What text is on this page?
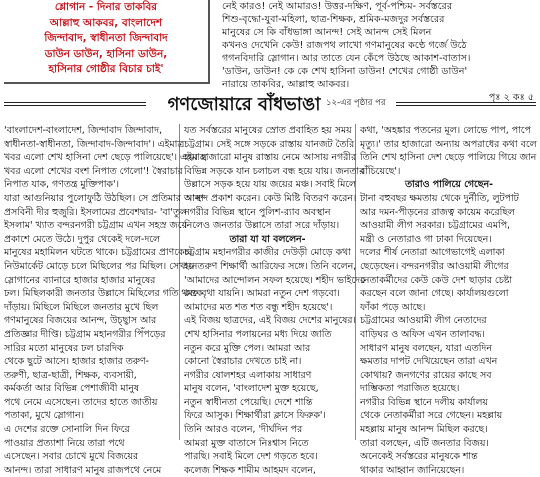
শ্লোগান - দিনার তাকবির
আল্লাহু আকবর, বাংলাদেশ
জিন্দাবাদ, স্বাধীনতা জিন্দাবাদ
ডাউন ডাউন, হাসিনা ডাউন,
হাসিনার গোষ্ঠীর বিচার চাই'
নেই কারও! নেই আমারও! উত্তর-দক্ষিণ, পূর্ব-পশ্চিম- সর্বস্তরের
শিশু-বৃদ্ধো-যুবা-মহিলা, ছাত্র-শিক্ষক, শ্রমিক-মজদুর সর্বস্তরের
মানুষের সে কি বাঁধভাঙ্গা আনন্দ! সেই আনন্দ সেই মিলন
কখনও দেখেনি কেউ! রাজপথ লাখো গণমানুষের কণ্ঠে গর্জে উঠে
গগনবিদারি স্লোগান। আর তাতে যেন কেঁপে উঠছে আকাশ-বাতাস।
'ডাউন, ডাউন! কে কে শেখ হাসিনা ডাউন! শেখের গোষ্ঠী ডাউন'
নারায়ে তাকবির, আল্লাহু আকবর।
পৃঃ ২ কঃ ৫
গণজোয়ারে বাঁধভাঙা ১২-এর পৃষ্ঠার পর
'বাংলাদেশ-বাংলাদেশ, জিন্দাবাদ জিন্দাবাদ,
স্বাধীনতা-স্বাধীনতা, জিন্দাবাদ-জিন্দাবাদ'। এইমাত্র
খবর এলো শেখ হাসিনা দেশ ছেড়ে পালিয়েছে'। এইমাত্র
খবর এলো শেখের বংশ নিপাত গেলো'! স্বৈরাচার
নিপাত যাক, গণতন্ত্র মুক্তিপাক'।
যারা আগুনিয়ার পুলোফুঠি উঠছিল। সে প্রতিমার আস্থা
প্রসবিনী দীর হুজুরি। ইসলামের প্রবেশদ্বার- 'বা'তুল
ইসলাম' খ্যাত বন্দরনগরী চট্টগ্রাম এখন সহস্র জয়ে
প্রকাশে মেতে উঠে। দুপুর থেকেই দলে-দলে
মানুষের মহামিলন ঘটতে থাকে। চট্টগ্রামের প্রাণকেন্দ্র
নিউমার্কেট মোড়ে চলে মিছিলের পর মিছিল। সেখানে
স্লোগানের ব্যানারে হাজার হাজার মানুষের
ঢল। মিছিলকারী জনতার উল্লাসে মিছিলের গতি থমকে
দাঁড়ায়। মিছিলে মিছিলে জনতার মুখে ছিল
গণমানুষের বিজয়ের আনন্দ, উচ্ছ্বাস আর
প্রতিজ্ঞার দীপ্তি। চট্টগ্রাম মহানগরীর পিঁপড়ের
সারির মতো মানুষের ঢল চারদিক
থেকে ছুটে আসে। হাজার হাজার তরুণ-
তরুণী, ছাত্র-ছাত্রী, শিক্ষক, ব্যবসায়ী,
কর্মকর্তা আর বিভিন্ন পেশাজীবী মানুষ
পথে নেমে এসেছেন। তাদের হাতে জাতীয়
পতাকা, মুখে স্লোগান।
এ দেশের রক্তে সোনালি দিন ফিরে
পাওয়ার প্রত্যাশা নিয়ে তারা পথে
এসেছেন। সবার চোখে মুখে বিজয়ের
আনন্দ। তারা সাধারণ মানুষ রাজপথে নেমে
যত সর্বস্তরের মানুষের স্রোত প্রবাহিত হয় সময়
চট্টগ্রাম। সেই সঙ্গে সড়কে রাস্তায় যানজট তৈরি
হয়। হাজারো মানুষ রাস্তায় নেমে আসায় নগরীর
বিভিন্ন সড়কে যান চলাচল বন্ধ হয়ে যায়। জনতার
উল্লাসে সড়ক হয়ে যায় জয়ের মঞ্চ। সবাই মিলে
আনন্দ প্রকাশ করেন। কেউ মিষ্টি বিতরণ করেন।
নগরীর বিভিন্ন স্থানে পুলিশ-র‍্যাব অবস্থান
নিলেও জনতার উল্লাসে তারা সরে দাঁড়ায়।
তারা যা যা বললেন-
চট্টগ্রাম মহানগরীর কাজীর দেউড়ী মোড়ে কথা
হয় তরুণ শিক্ষার্থী আরিফের সঙ্গে। তিনি বলেন,
'আমাদের আন্দোলন সফল হয়েছে। শহীদ ভাইদের
রক্ত বৃথা যায়নি। আমরা নতুন দেশ গড়বো।
আমাদের মত শত শত বন্ধু শহীদ হয়েছে'।
এই বিজয় ছাত্রদের, এই বিজয় দেশের মানুষের।
শেখ হাসিনার পলায়নের মধ্য দিয়ে জাতি
নতুন করে মুক্তি পেল। আমরা আর
কোনো স্বৈরাচার দেখতে চাই না।
নগরীর ষোলশহর এলাকায় সাধারণ
মানুষ বলেন, 'বাংলাদেশ মুক্ত হয়েছে,
নতুন স্বাধীনতা পেয়েছি। দেশে শান্তি
ফিরে আসুক। শিক্ষার্থীরা ক্লাসে ফিরুক'।
তিনি আরও বলেন, 'দীর্ঘদিন পর
আমরা মুক্ত বাতাসে নিঃশ্বাস নিতে
পারছি। সবাই মিলে দেশ গড়তে হবে।
কলেজ শিক্ষক শামীম আহমদ বলেন,
কথা, 'অহঙ্কার পতনের মূল। লোভে পাপ, পাপে
মৃত্যু।' তার হাজারো অন্যায় অপরাধের কথা বলে
তিনি শেখ হাসিনা দেশ ছেড়ে পালিয়ে গিয়ে জান
বাঁচিয়েছে'।
তারাও পালিয়ে গেছেন-
টানা বহুবছর ক্ষমতায় থেকে দুর্নীতি, লুটপাট
আর দমন-পীড়নের রাজত্ব কায়েম করেছিল
আওয়ামী লীগ সরকার। চট্টগ্রামের এমপি,
মন্ত্রী ও নেতারাও গা ঢাকা দিয়েছেন।
দলের শীর্ষ নেতারা আগেভাগেই এলাকা
ছেড়েছেন। বন্দরনগরীর আওয়ামী লীগের
নেতাকর্মীদের কেউ কেউ দেশ ছাড়ার চেষ্টা
করছেন বলে জানা গেছে। কার্যালয়গুলো
ফাঁকা পড়ে আছে।
চট্টগ্রামের আওয়ামী লীগ নেতাদের
বাড়িঘর ও অফিস এখন তালাবদ্ধ।
সাধারণ মানুষ বলছেন, যারা এতদিন
ক্ষমতার দাপট দেখিয়েছেন তারা এখন
কোথায়? জনগণের রায়ের কাছে সব
দাম্ভিকতা পরাজিত হয়েছে।
নগরীর বিভিন্ন স্থানে দলীয় কার্যালয়
থেকে নেতাকর্মীরা সরে গেছেন। মহল্লায়
মহল্লায় মানুষ আনন্দ মিছিল করছে।
তারা বলছেন, এটি জনতার বিজয়।
অনেকেই সর্বস্তরের মানুষকে শান্ত
থাকার আহ্বান জানিয়েছেন।
